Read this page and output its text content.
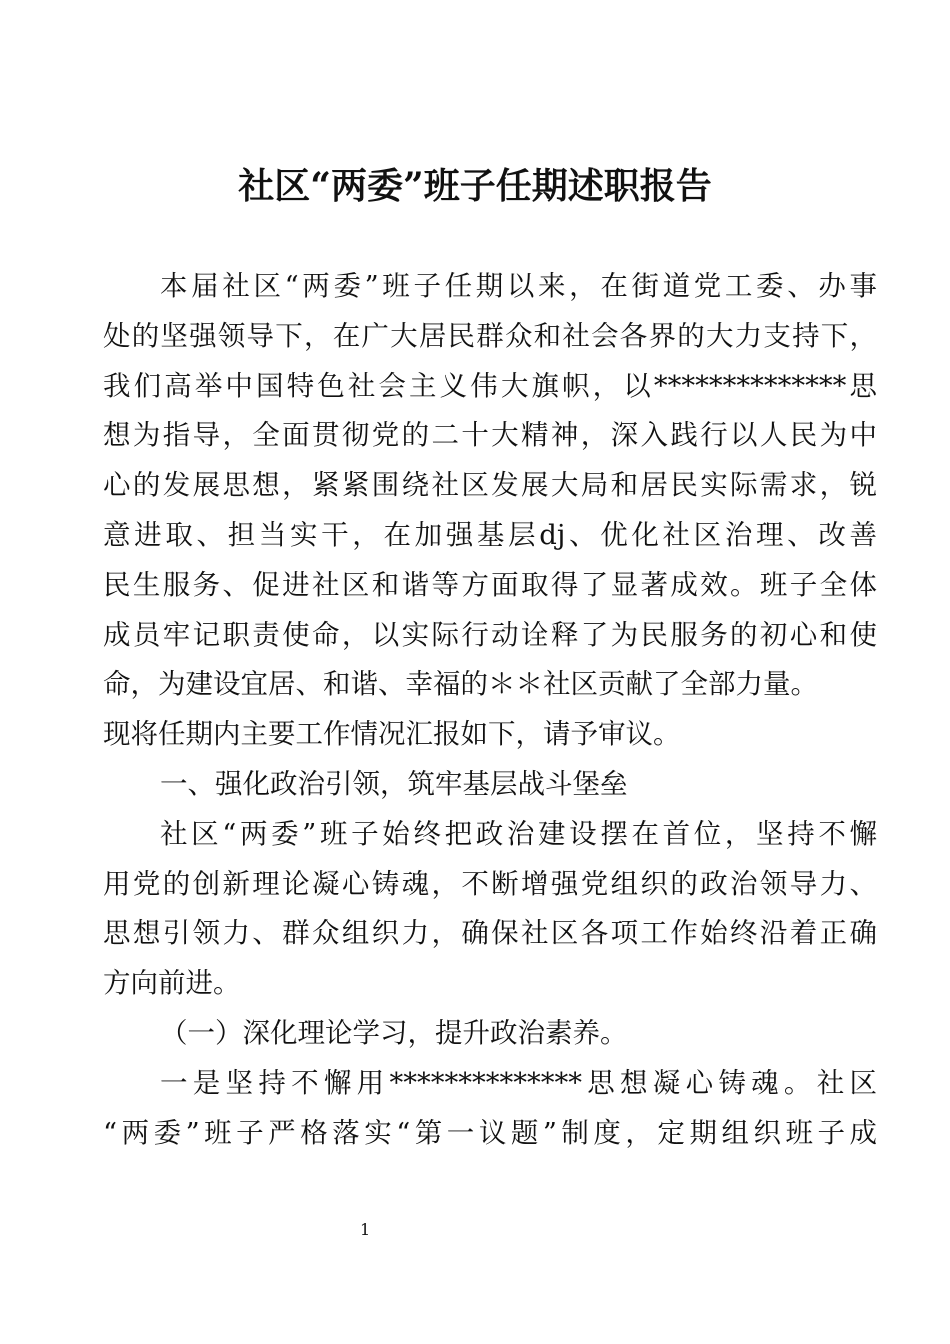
社区“两委”班子任期述职报告
本届社区“两委”班子任期以来，在街道党工委、办事
处的坚强领导下，在广大居民群众和社会各界的大力支持下，
我们高举中国特色社会主义伟大旗帜，以**************思
想为指导，全面贯彻党的二十大精神，深入践行以人民为中
心的发展思想，紧紧围绕社区发展大局和居民实际需求，锐
意进取、担当实干，在加强基层dj、优化社区治理、改善
民生服务、促进社区和谐等方面取得了显著成效。班子全体
成员牢记职责使命，以实际行动诠释了为民服务的初心和使
命，为建设宜居、和谐、幸福的＊＊社区贡献了全部力量。
现将任期内主要工作情况汇报如下，请予审议。
一、强化政治引领，筑牢基层战斗堡垒
社区“两委”班子始终把政治建设摆在首位，坚持不懈
用党的创新理论凝心铸魂，不断增强党组织的政治领导力、
思想引领力、群众组织力，确保社区各项工作始终沿着正确
方向前进。
（一）深化理论学习，提升政治素养。
一是坚持不懈用**************思想凝心铸魂。社区
“两委”班子严格落实“第一议题”制度，定期组织班子成
1
